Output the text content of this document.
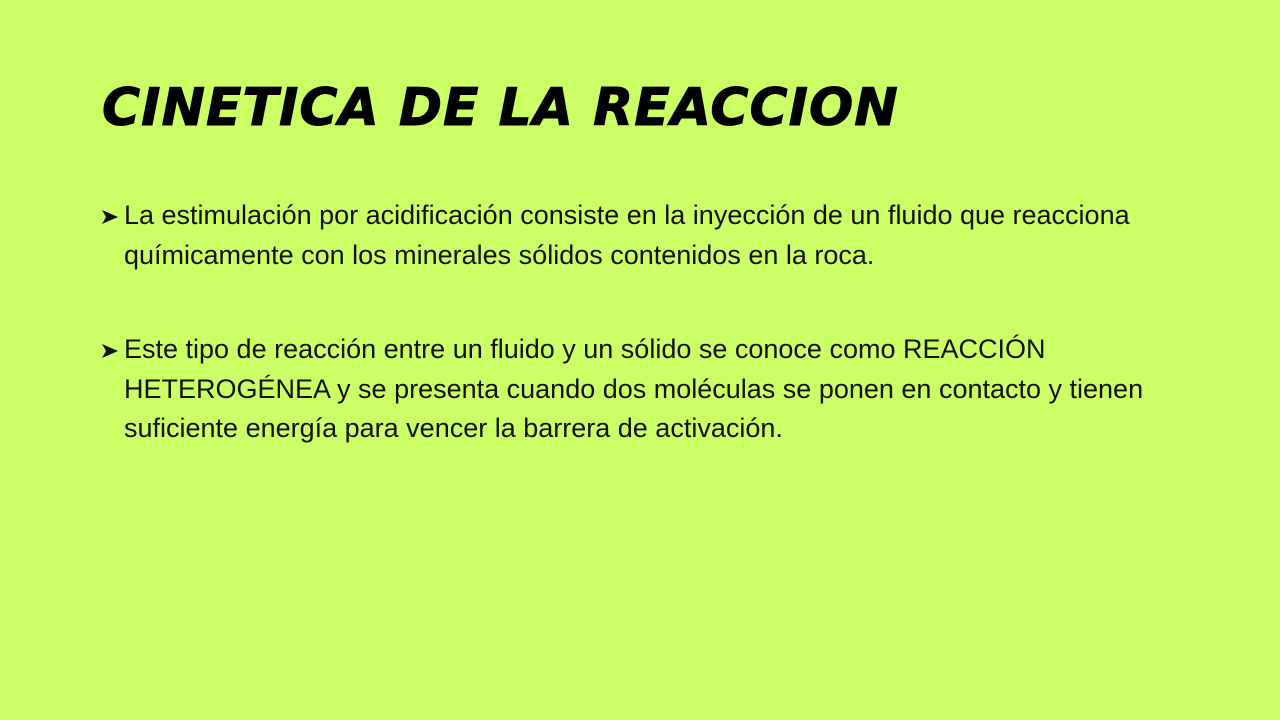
CINETICA DE LA REACCION
La estimulación por acidificación consiste en la inyección de un fluido que reacciona químicamente con los minerales sólidos contenidos en la roca.
Este tipo de reacción entre un fluido y un sólido se conoce como REACCIÓN HETEROGÉNEA y se presenta cuando dos moléculas se ponen en contacto y tienen suficiente energía para vencer la barrera de activación.
